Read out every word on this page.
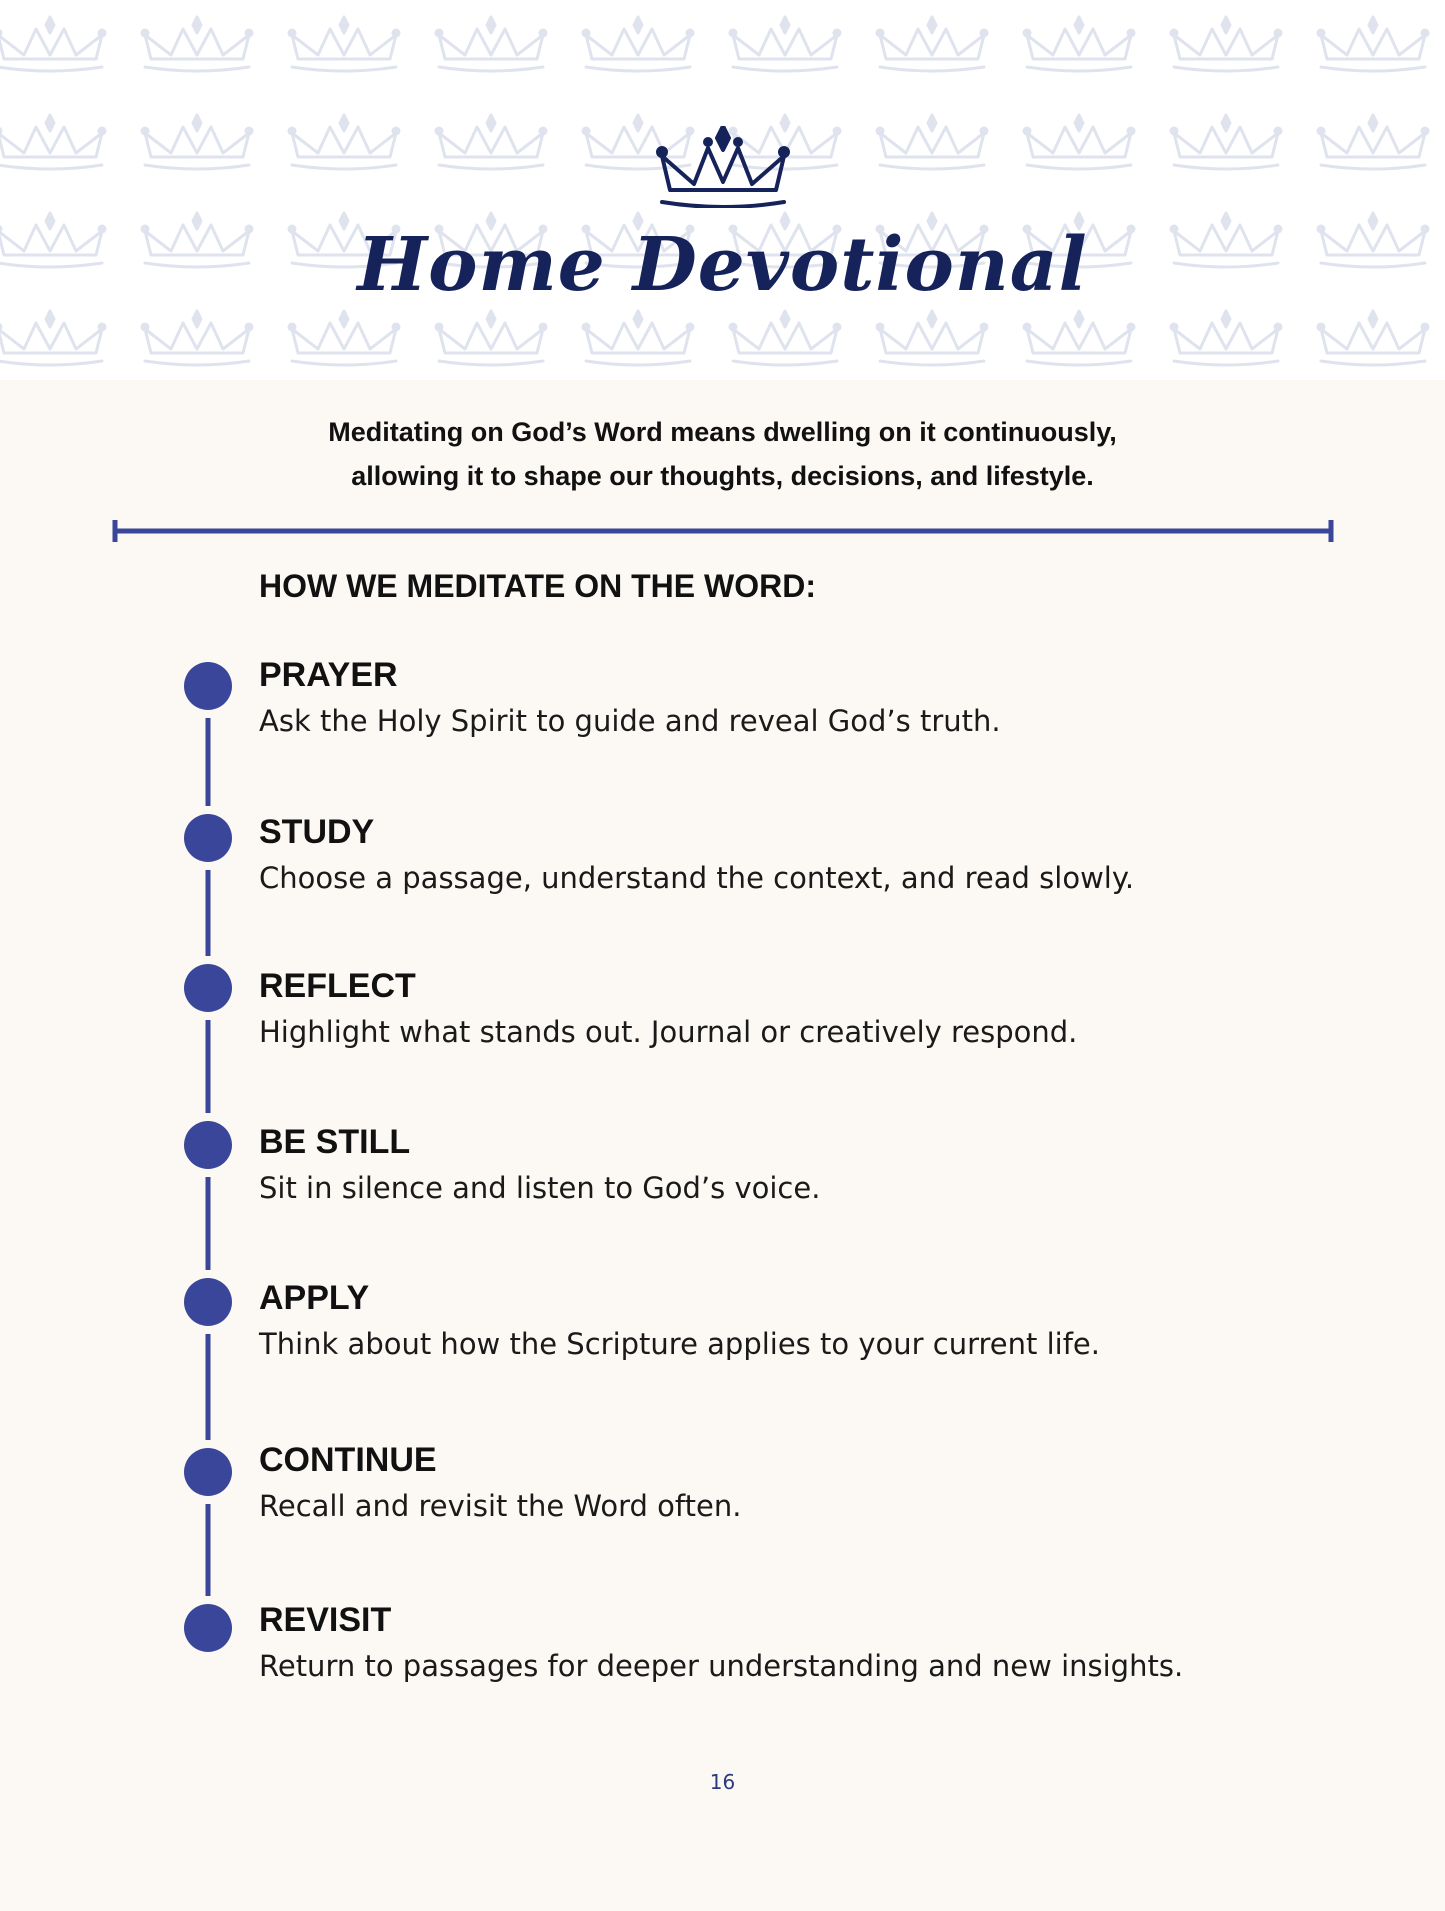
Home Devotional
Meditating on God’s Word means dwelling on it continuously,
allowing it to shape our thoughts, decisions, and lifestyle.
HOW WE MEDITATE ON THE WORD:
PRAYER
Ask the Holy Spirit to guide and reveal God’s truth.
STUDY
Choose a passage, understand the context, and read slowly.
REFLECT
Highlight what stands out. Journal or creatively respond.
BE STILL
Sit in silence and listen to God’s voice.
APPLY
Think about how the Scripture applies to your current life.
CONTINUE
Recall and revisit the Word often.
REVISIT
Return to passages for deeper understanding and new insights.
16
